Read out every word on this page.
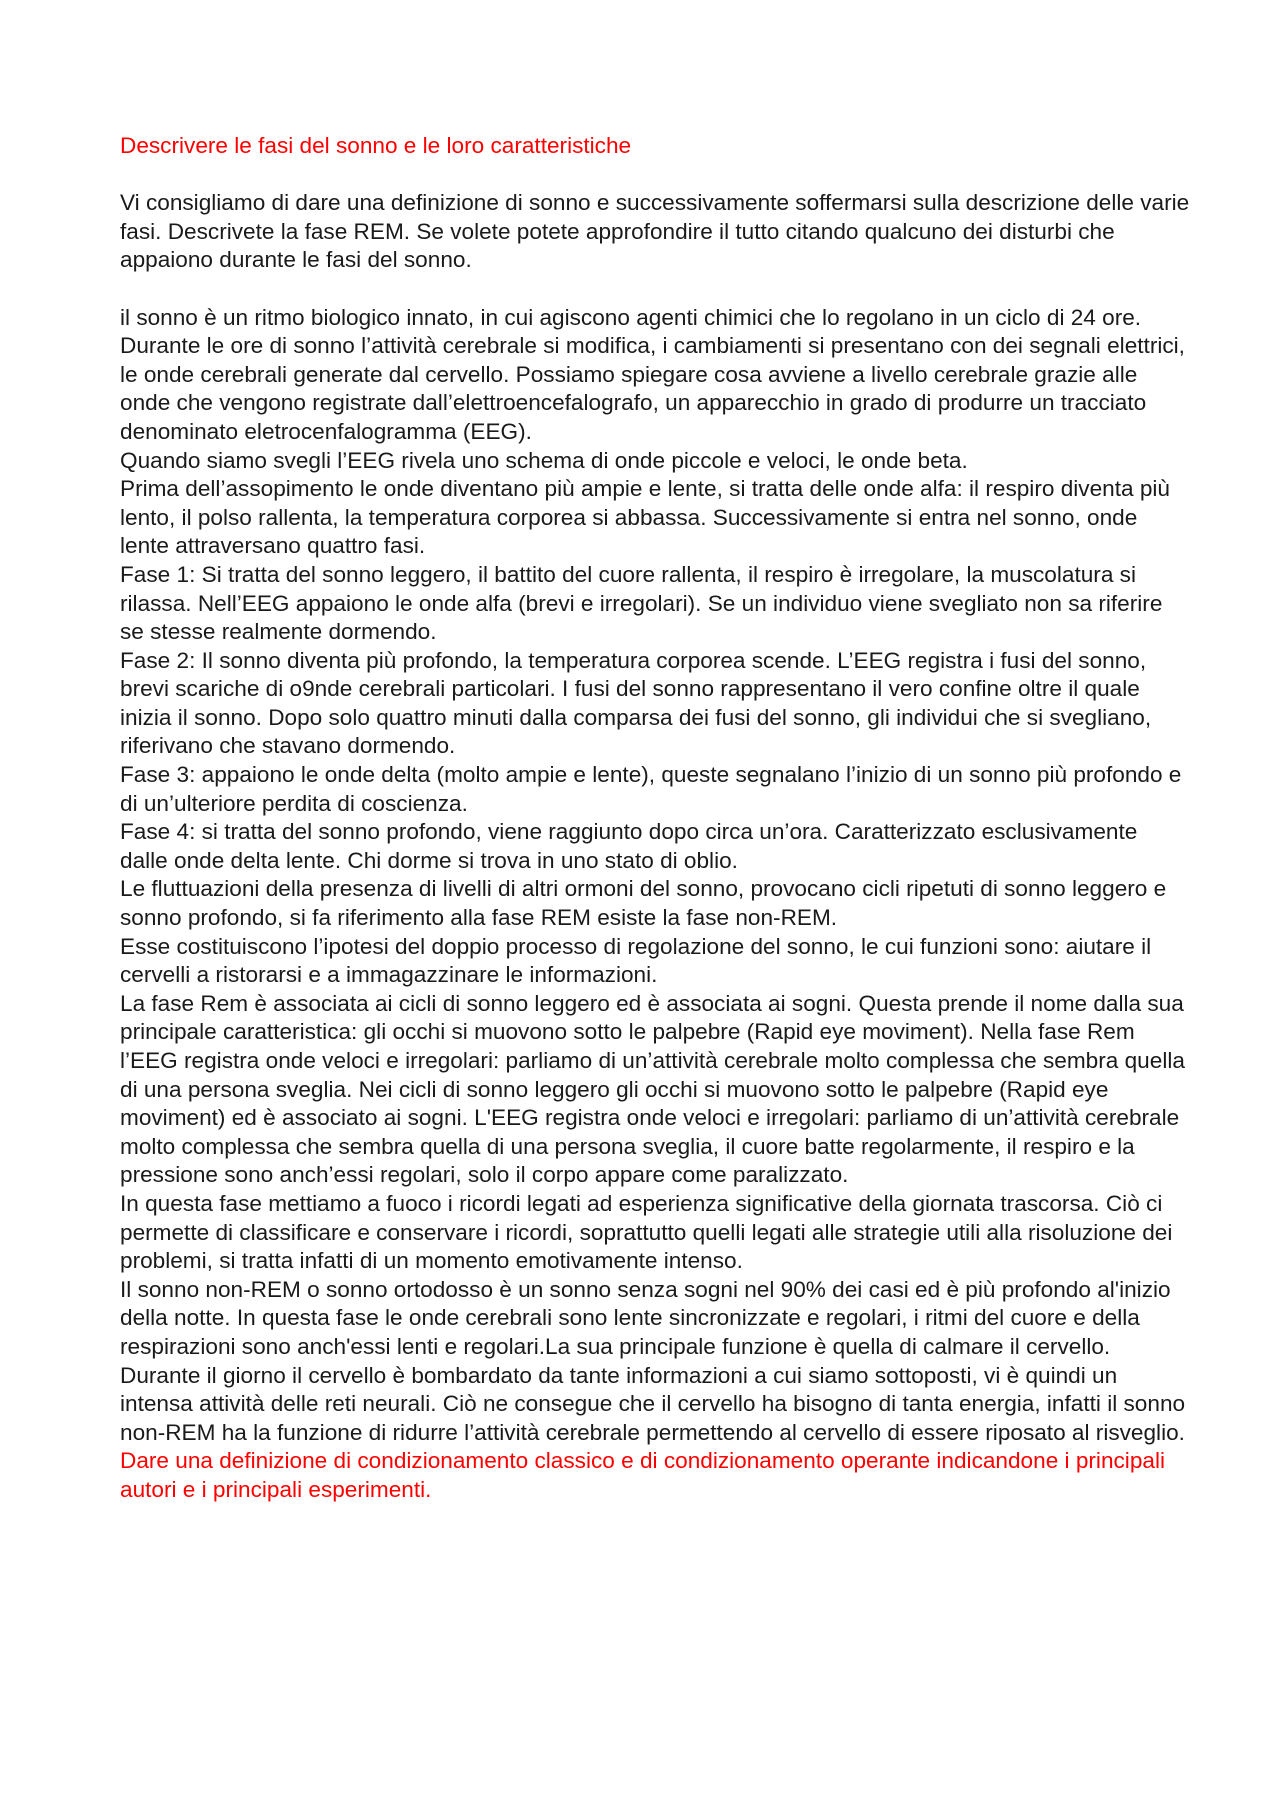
Descrivere le fasi del sonno e le loro caratteristiche

Vi consigliamo di dare una definizione di sonno e successivamente soffermarsi sulla descrizione delle varie fasi. Descrivete la fase REM. Se volete potete approfondire il tutto citando qualcuno dei disturbi che appaiono durante le fasi del sonno.

il sonno è un ritmo biologico innato, in cui agiscono agenti chimici che lo regolano in un ciclo di 24 ore.

Durante le ore di sonno l’attività cerebrale si modifica, i cambiamenti si presentano con dei segnali elettrici, le onde cerebrali generate dal cervello. Possiamo spiegare cosa avviene a livello cerebrale grazie alle onde che vengono registrate dall’elettroencefalografo, un apparecchio in grado di produrre un tracciato denominato eletrocenfalogramma (EEG).

Quando siamo svegli l’EEG rivela uno schema di onde piccole e veloci, le onde beta.

Prima dell’assopimento le onde diventano più ampie e lente, si tratta delle onde alfa: il respiro diventa più lento, il polso rallenta, la temperatura corporea si abbassa. Successivamente si entra nel sonno, onde lente attraversano quattro fasi.

Fase 1: Si tratta del sonno leggero, il battito del cuore rallenta, il respiro è irregolare, la muscolatura si rilassa. Nell’EEG appaiono le onde alfa (brevi e irregolari). Se un individuo viene svegliato non sa riferire se stesse realmente dormendo.

Fase 2: Il sonno diventa più profondo, la temperatura corporea scende. L’EEG registra i fusi del sonno, brevi scariche di o9nde cerebrali particolari. I fusi del sonno rappresentano il vero confine oltre il quale inizia il sonno. Dopo solo quattro minuti dalla comparsa dei fusi del sonno, gli individui che si svegliano, riferivano che stavano dormendo.

Fase 3: appaiono le onde delta (molto ampie e lente), queste segnalano l’inizio di un sonno più profondo e di un’ulteriore perdita di coscienza.

Fase 4: si tratta del sonno profondo, viene raggiunto dopo circa un’ora. Caratterizzato esclusivamente dalle onde delta lente. Chi dorme si trova in uno stato di oblio.

Le fluttuazioni della presenza di livelli di altri ormoni del sonno, provocano cicli ripetuti di sonno leggero e sonno profondo, si fa riferimento alla fase REM esiste la fase non-REM.

Esse costituiscono l’ipotesi del doppio processo di regolazione del sonno, le cui funzioni sono: aiutare il cervelli a ristorarsi e a immagazzinare le informazioni.

La fase Rem è associata ai cicli di sonno leggero ed è associata ai sogni. Questa prende il nome dalla sua principale caratteristica: gli occhi si muovono sotto le palpebre (Rapid eye moviment). Nella fase Rem l’EEG registra onde veloci e irregolari: parliamo di un’attività cerebrale molto complessa che sembra quella di una persona sveglia. Nei cicli di sonno leggero gli occhi si muovono sotto le palpebre (Rapid eye moviment) ed è associato ai sogni. L'EEG registra onde veloci e irregolari: parliamo di un’attività cerebrale molto complessa che sembra quella di una persona sveglia, il cuore batte regolarmente, il respiro e la pressione sono anch’essi regolari, solo il corpo appare come paralizzato.

In questa fase mettiamo a fuoco i ricordi legati ad esperienza significative della giornata trascorsa. Ciò ci permette di classificare e conservare i ricordi, soprattutto quelli legati alle strategie utili alla risoluzione dei problemi, si tratta infatti di un momento emotivamente intenso.

Il sonno non-REM o sonno ortodosso è un sonno senza sogni nel 90% dei casi ed è più profondo al'inizio della notte. In questa fase le onde cerebrali sono lente sincronizzate e regolari, i ritmi del cuore e della respirazioni sono anch'essi lenti e regolari.La sua principale funzione è quella di calmare il cervello.

Durante il giorno il cervello è bombardato da tante informazioni a cui siamo sottoposti, vi è quindi un intensa attività delle reti neurali. Ciò ne consegue che il cervello ha bisogno di tanta energia, infatti il sonno non-REM ha la funzione di ridurre l’attività cerebrale permettendo al cervello di essere riposato al risveglio.

Dare una definizione di condizionamento classico e di condizionamento operante indicandone i principali autori e i principali esperimenti.
